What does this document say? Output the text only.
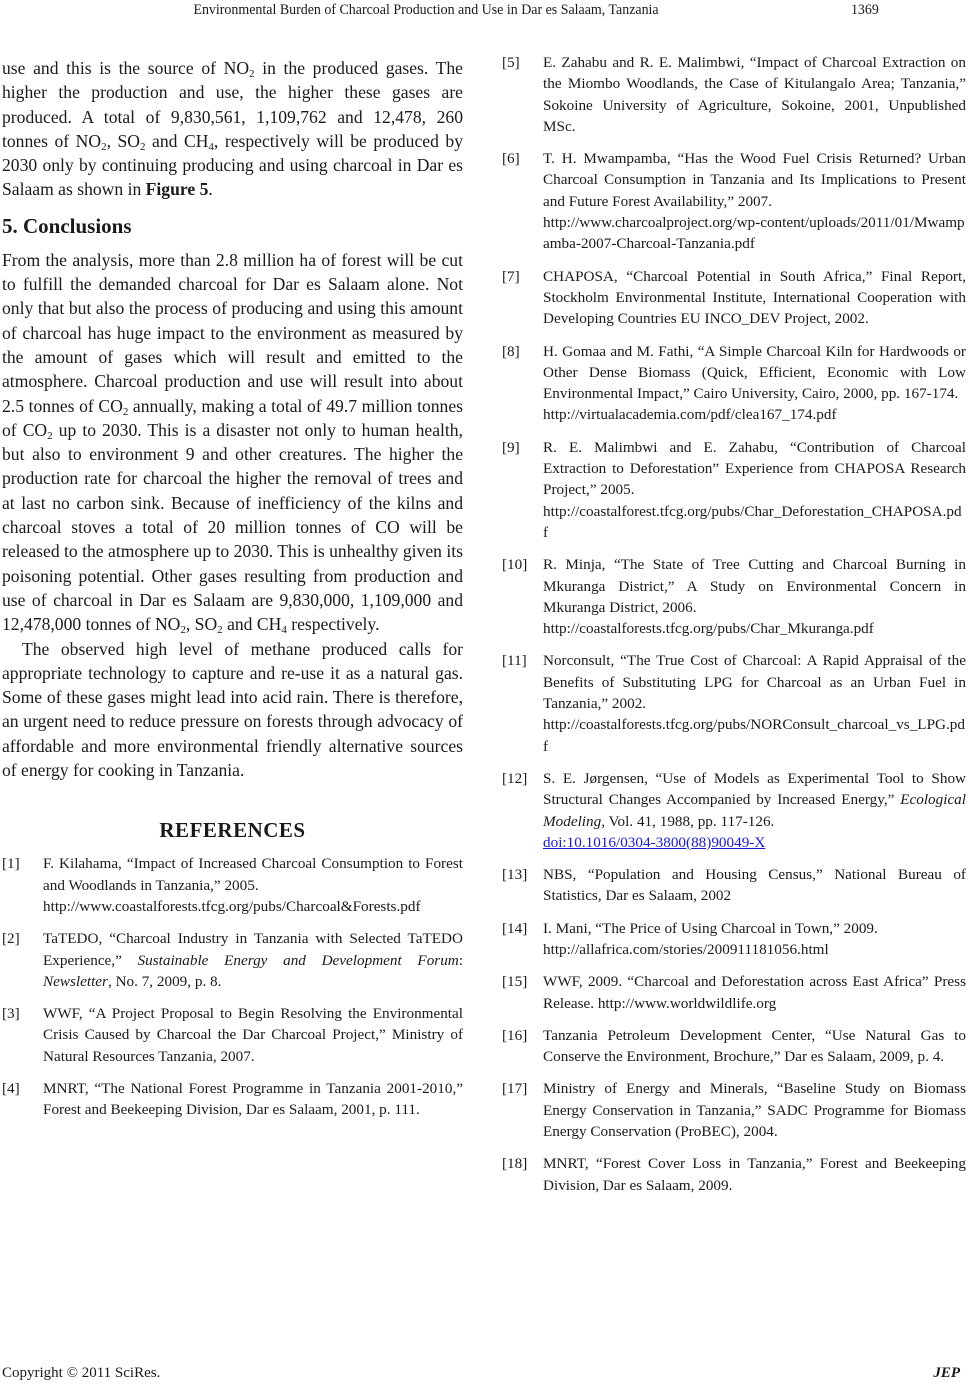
Environmental Burden of Charcoal Production and Use in Dar es Salaam, Tanzania	1369

use and this is the source of $NO_2$ in the produced gases. The higher the production and use, the higher these gases are produced. A total of 9,830,561, 1,109,762 and 12,478, 260 tonnes of $NO_2$, $SO_2$ and $CH_4$, respectively will be produced by 2030 only by continuing producing and using charcoal in Dar es Salaam as shown in Figure 5.

5. Conclusions

From the analysis, more than 2.8 million ha of forest will be cut to fulfill the demanded charcoal for Dar es Salaam alone. Not only that but also the process of producing and using this amount of charcoal has huge impact to the environment as measured by the amount of gases which will result and emitted to the atmosphere. Charcoal production and use will result into about 2.5 tonnes of $CO_2$ annually, making a total of 49.7 million tonnes of $CO_2$ up to 2030. This is a disaster not only to human health, but also to environment 9 and other creatures. The higher the production rate for charcoal the higher the removal of trees and at last no carbon sink. Because of inefficiency of the kilns and charcoal stoves a total of 20 million tonnes of CO will be released to the atmosphere up to 2030. This is unhealthy given its poisoning potential. Other gases resulting from production and use of charcoal in Dar es Salaam are 9,830,000, 1,109,000 and 12,478,000 tonnes of $NO_2$, $SO_2$ and $CH_4$ respectively.

The observed high level of methane produced calls for appropriate technology to capture and re-use it as a natural gas. Some of these gases might lead into acid rain. There is therefore, an urgent need to reduce pressure on forests through advocacy of affordable and more environmental friendly alternative sources of energy for cooking in Tanzania.

REFERENCES
[1]	F. Kilahama, “Impact of Increased Charcoal Consumption to Forest and Woodlands in Tanzania,” 2005.
http://www.coastalforests.tfcg.org/pubs/Charcoal&Forests.pdf
[2]	TaTEDO, “Charcoal Industry in Tanzania with Selected TaTEDO Experience,” Sustainable Energy and Development Forum: Newsletter, No. 7, 2009, p. 8.
[3]	WWF, “A Project Proposal to Begin Resolving the Environmental Crisis Caused by Charcoal the Dar Charcoal Project,” Ministry of Natural Resources Tanzania, 2007.
[4]	MNRT, “The National Forest Programme in Tanzania 2001-2010,” Forest and Beekeeping Division, Dar es Salaam, 2001, p. 111.
[5]	E. Zahabu and R. E. Malimbwi, “Impact of Charcoal Extraction on the Miombo Woodlands, the Case of Kitulangalo Area; Tanzania,” Sokoine University of Agriculture, Sokoine, 2001, Unpublished MSc.
[6]	T. H. Mwampamba, “Has the Wood Fuel Crisis Returned? Urban Charcoal Consumption in Tanzania and Its Implications to Present and Future Forest Availability,” 2007.
http://www.charcoalproject.org/wp-content/uploads/2011/01/Mwampamba-2007-Charcoal-Tanzania.pdf
[7]	CHAPOSA, “Charcoal Potential in South Africa,” Final Report, Stockholm Environmental Institute, International Cooperation with Developing Countries EU INCO_DEV Project, 2002.
[8]	H. Gomaa and M. Fathi, “A Simple Charcoal Kiln for Hardwoods or Other Dense Biomass (Quick, Efficient, Economic with Low Environmental Impact,” Cairo University, Cairo, 2000, pp. 167-174.
http://virtualacademia.com/pdf/clea167_174.pdf
[9]	R. E. Malimbwi and E. Zahabu, “Contribution of Charcoal Extraction to Deforestation” Experience from CHAPOSA Research Project,” 2005.
http://coastalforest.tfcg.org/pubs/Char_Deforestation_CHAPOSA.pdf
[10]	R. Minja, “The State of Tree Cutting and Charcoal Burning in Mkuranga District,” A Study on Environmental Concern in Mkuranga District, 2006.
http://coastalforests.tfcg.org/pubs/Char_Mkuranga.pdf
[11]	Norconsult, “The True Cost of Charcoal: A Rapid Appraisal of the Benefits of Substituting LPG for Charcoal as an Urban Fuel in Tanzania,” 2002.
http://coastalforests.tfcg.org/pubs/NORConsult_charcoal_vs_LPG.pdf
[12]	S. E. Jørgensen, “Use of Models as Experimental Tool to Show Structural Changes Accompanied by Increased Energy,” Ecological Modeling, Vol. 41, 1988, pp. 117-126.
doi:10.1016/0304-3800(88)90049-X
[13]	NBS, “Population and Housing Census,” National Bureau of Statistics, Dar es Salaam, 2002
[14]	I. Mani, “The Price of Using Charcoal in Town,” 2009.
http://allafrica.com/stories/200911181056.html
[15]	WWF, 2009. “Charcoal and Deforestation across East Africa” Press Release. http://www.worldwildlife.org
[16]	Tanzania Petroleum Development Center, “Use Natural Gas to Conserve the Environment, Brochure,” Dar es Salaam, 2009, p. 4.
[17]	Ministry of Energy and Minerals, “Baseline Study on Biomass Energy Conservation in Tanzania,” SADC Programme for Biomass Energy Conservation (ProBEC), 2004.
[18]	MNRT, “Forest Cover Loss in Tanzania,” Forest and Beekeeping Division, Dar es Salaam, 2009.
Copyright © 2011 SciRes.	JEP
